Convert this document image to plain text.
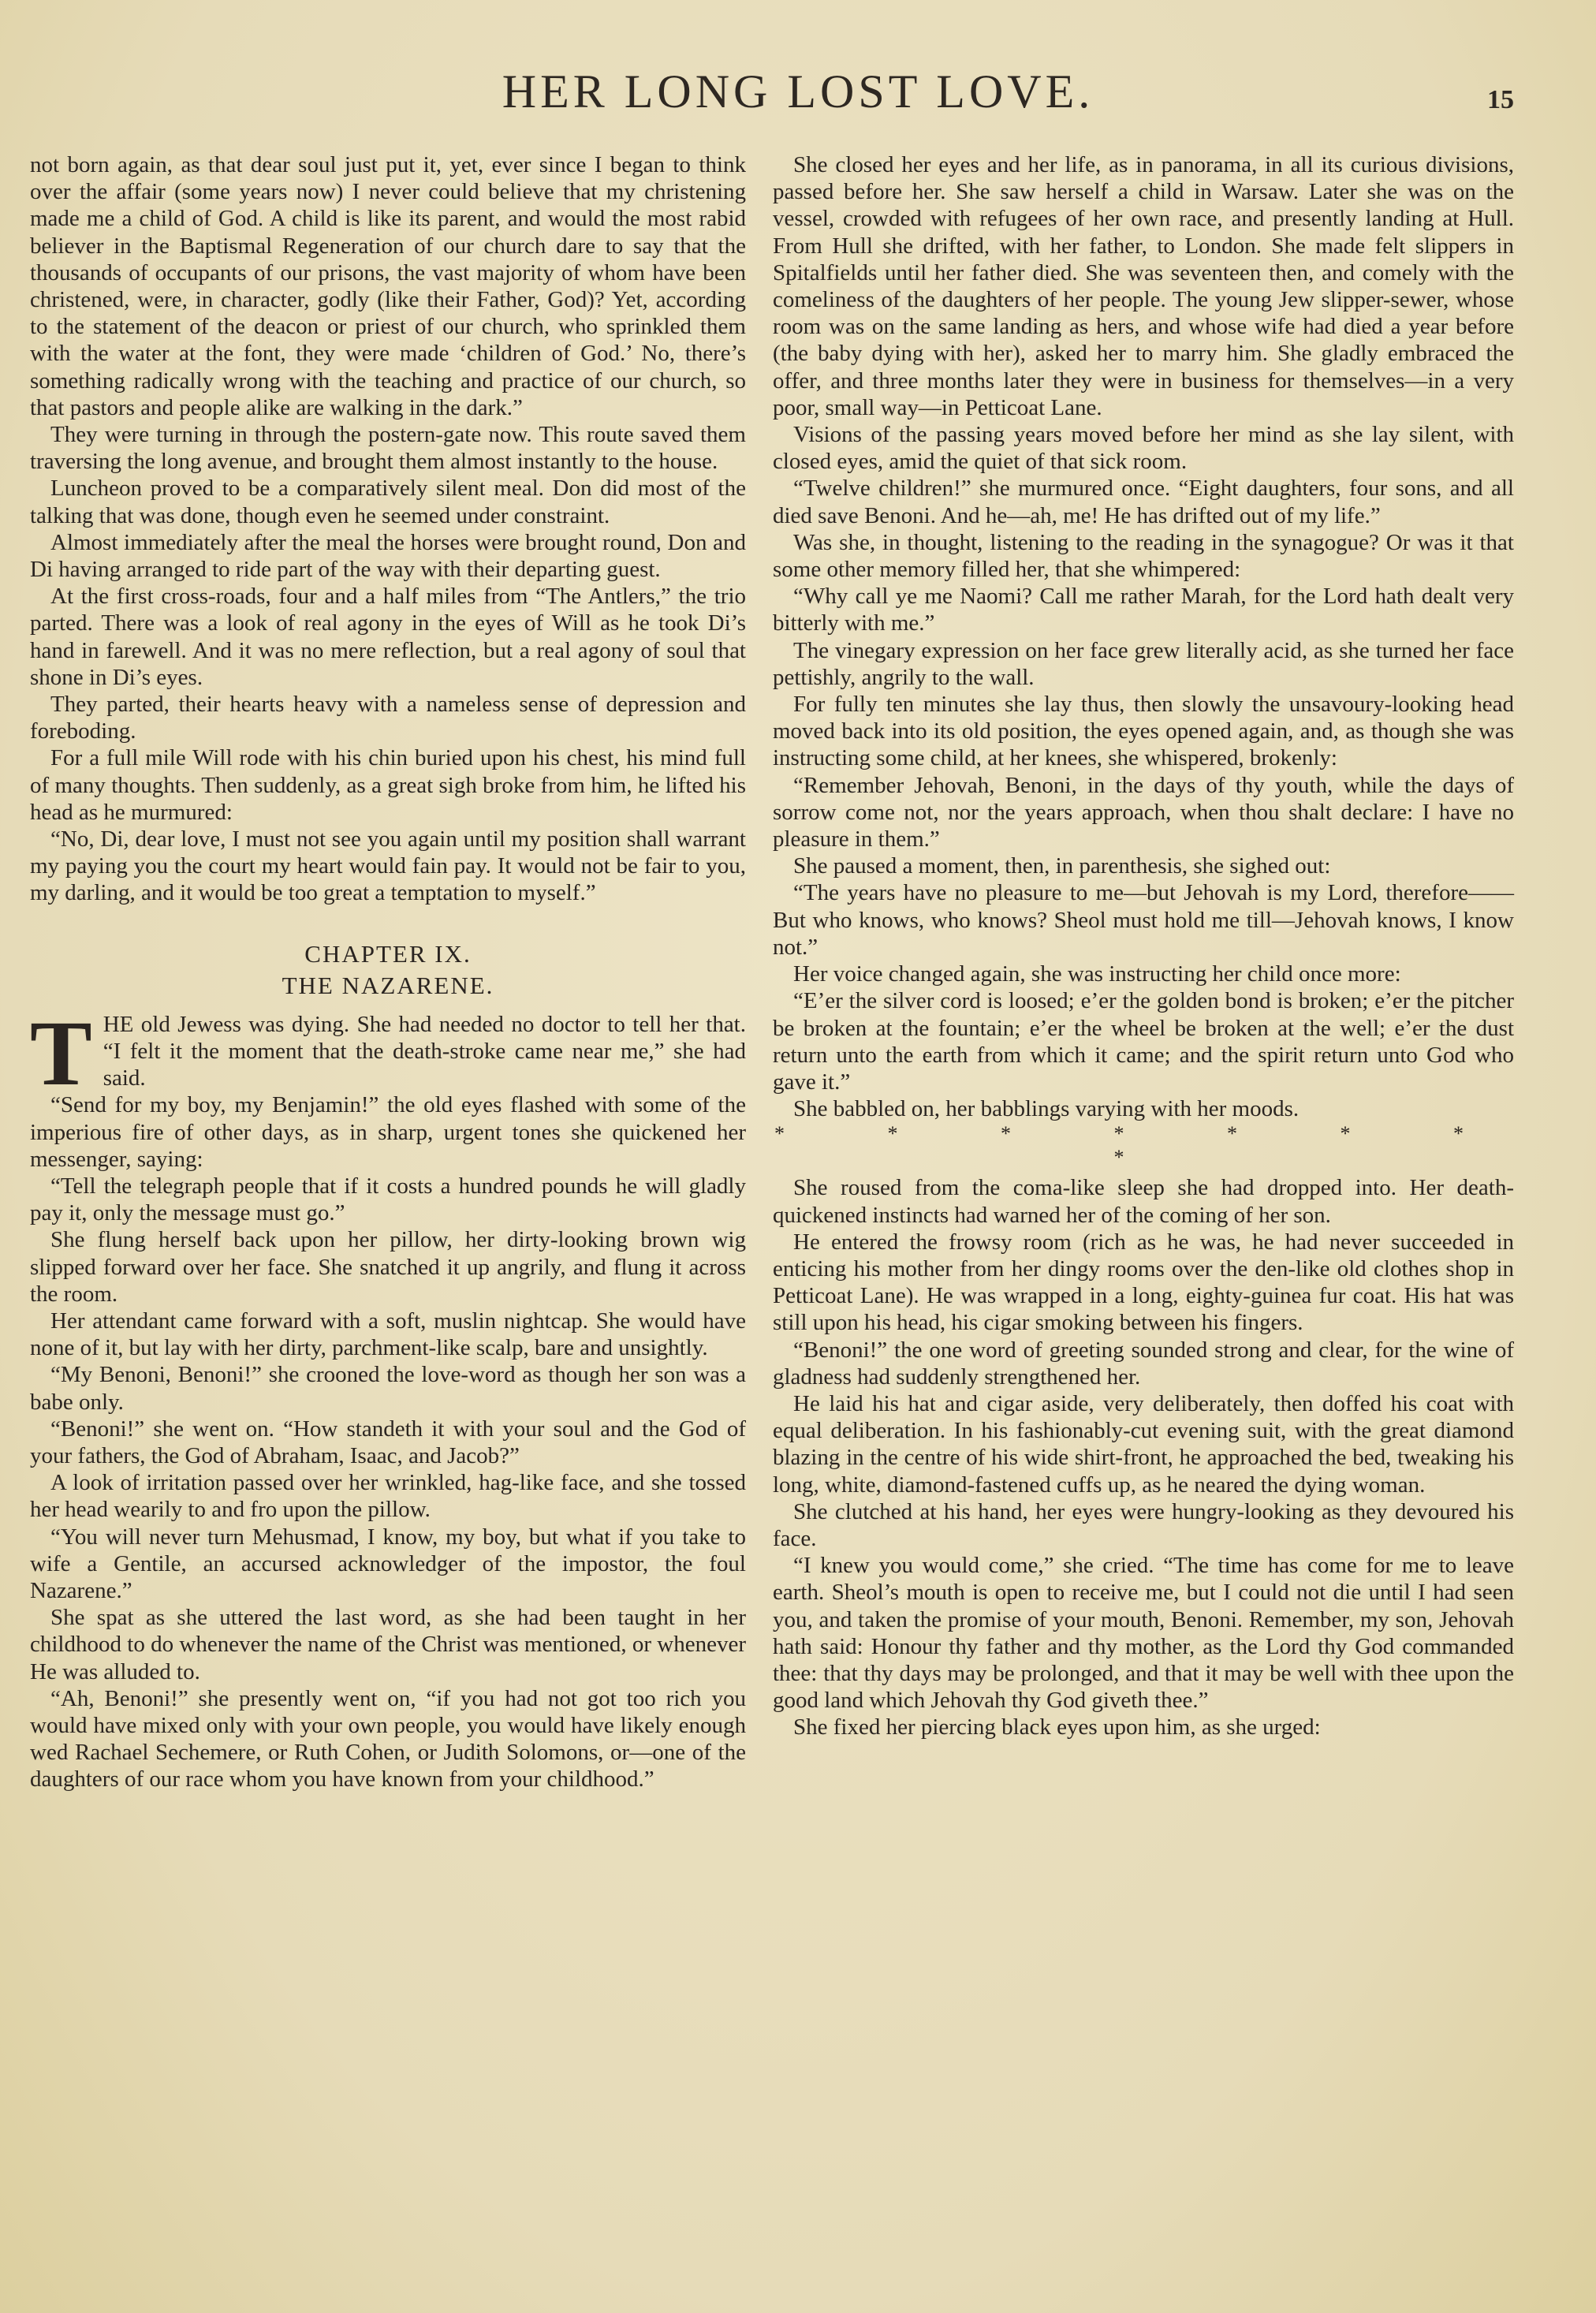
HER LONG LOST LOVE.	15

not born again, as that dear soul just put it, yet, ever since I began to think over the affair (some years now) I never could believe that my christening made me a child of God. A child is like its parent, and would the most rabid believer in the Baptismal Regeneration of our church dare to say that the thousands of occupants of our prisons, the vast majority of whom have been christened, were, in character, godly (like their Father, God)? Yet, according to the statement of the deacon or priest of our church, who sprinkled them with the water at the font, they were made ‘children of God.’ No, there’s something radically wrong with the teaching and practice of our church, so that pastors and people alike are walking in the dark.”

They were turning in through the postern-gate now. This route saved them traversing the long avenue, and brought them almost instantly to the house.

Luncheon proved to be a comparatively silent meal. Don did most of the talking that was done, though even he seemed under constraint.

Almost immediately after the meal the horses were brought round, Don and Di having arranged to ride part of the way with their departing guest.

At the first cross-roads, four and a half miles from “The Antlers,” the trio parted. There was a look of real agony in the eyes of Will as he took Di’s hand in farewell. And it was no mere reflection, but a real agony of soul that shone in Di’s eyes.

They parted, their hearts heavy with a nameless sense of depression and foreboding.

For a full mile Will rode with his chin buried upon his chest, his mind full of many thoughts. Then suddenly, as a great sigh broke from him, he lifted his head as he murmured:

“No, Di, dear love, I must not see you again until my position shall warrant my paying you the court my heart would fain pay. It would not be fair to you, my darling, and it would be too great a temptation to myself.”

CHAPTER IX.
THE NAZARENE.

THE old Jewess was dying. She had needed no doctor to tell her that. “I felt it the moment that the death-stroke came near me,” she had said.

“Send for my boy, my Benjamin!” the old eyes flashed with some of the imperious fire of other days, as in sharp, urgent tones she quickened her messenger, saying:

“Tell the telegraph people that if it costs a hundred pounds he will gladly pay it, only the message must go.”

She flung herself back upon her pillow, her dirty-looking brown wig slipped forward over her face. She snatched it up angrily, and flung it across the room.

Her attendant came forward with a soft, muslin nightcap. She would have none of it, but lay with her dirty, parchment-like scalp, bare and unsightly.

“My Benoni, Benoni!” she crooned the love-word as though her son was a babe only.

“Benoni!” she went on. “How standeth it with your soul and the God of your fathers, the God of Abraham, Isaac, and Jacob?”

A look of irritation passed over her wrinkled, hag-like face, and she tossed her head wearily to and fro upon the pillow.

“You will never turn Mehusmad, I know, my boy, but what if you take to wife a Gentile, an accursed acknowledger of the impostor, the foul Nazarene.”

She spat as she uttered the last word, as she had been taught in her childhood to do whenever the name of the Christ was mentioned, or whenever He was alluded to.

“Ah, Benoni!” she presently went on, “if you had not got too rich you would have mixed only with your own people, you would have likely enough wed Rachael Sechemere, or Ruth Cohen, or Judith Solomons, or—one of the daughters of our race whom you have known from your childhood.”

She closed her eyes and her life, as in panorama, in all its curious divisions, passed before her. She saw herself a child in Warsaw. Later she was on the vessel, crowded with refugees of her own race, and presently landing at Hull. From Hull she drifted, with her father, to London. She made felt slippers in Spitalfields until her father died. She was seventeen then, and comely with the comeliness of the daughters of her people. The young Jew slipper-sewer, whose room was on the same landing as hers, and whose wife had died a year before (the baby dying with her), asked her to marry him. She gladly embraced the offer, and three months later they were in business for themselves—in a very poor, small way—in Petticoat Lane.

Visions of the passing years moved before her mind as she lay silent, with closed eyes, amid the quiet of that sick room.

“Twelve children!” she murmured once. “Eight daughters, four sons, and all died save Benoni. And he—ah, me! He has drifted out of my life.”

Was she, in thought, listening to the reading in the synagogue? Or was it that some other memory filled her, that she whimpered:

“Why call ye me Naomi? Call me rather Marah, for the Lord hath dealt very bitterly with me.”

The vinegary expression on her face grew literally acid, as she turned her face pettishly, angrily to the wall.

For fully ten minutes she lay thus, then slowly the unsavoury-looking head moved back into its old position, the eyes opened again, and, as though she was instructing some child, at her knees, she whispered, brokenly:

“Remember Jehovah, Benoni, in the days of thy youth, while the days of sorrow come not, nor the years approach, when thou shalt declare: I have no pleasure in them.”

She paused a moment, then, in parenthesis, she sighed out:

“The years have no pleasure to me—but Jehovah is my Lord, therefore—— But who knows, who knows? Sheol must hold me till—Jehovah knows, I know not.”

Her voice changed again, she was instructing her child once more:

“E’er the silver cord is loosed; e’er the golden bond is broken; e’er the pitcher be broken at the fountain; e’er the wheel be broken at the well; e’er the dust return unto the earth from which it came; and the spirit return unto God who gave it.”

She babbled on, her babblings varying with her moods.

* * * * * * * *

She roused from the coma-like sleep she had dropped into. Her death-quickened instincts had warned her of the coming of her son.

He entered the frowsy room (rich as he was, he had never succeeded in enticing his mother from her dingy rooms over the den-like old clothes shop in Petticoat Lane). He was wrapped in a long, eighty-guinea fur coat. His hat was still upon his head, his cigar smoking between his fingers.

“Benoni!” the one word of greeting sounded strong and clear, for the wine of gladness had suddenly strengthened her.

He laid his hat and cigar aside, very deliberately, then doffed his coat with equal deliberation. In his fashionably-cut evening suit, with the great diamond blazing in the centre of his wide shirt-front, he approached the bed, tweaking his long, white, diamond-fastened cuffs up, as he neared the dying woman.

She clutched at his hand, her eyes were hungry-looking as they devoured his face.

“I knew you would come,” she cried. “The time has come for me to leave earth. Sheol’s mouth is open to receive me, but I could not die until I had seen you, and taken the promise of your mouth, Benoni. Remember, my son, Jehovah hath said: Honour thy father and thy mother, as the Lord thy God commanded thee: that thy days may be prolonged, and that it may be well with thee upon the good land which Jehovah thy God giveth thee.”

She fixed her piercing black eyes upon him, as she urged:
